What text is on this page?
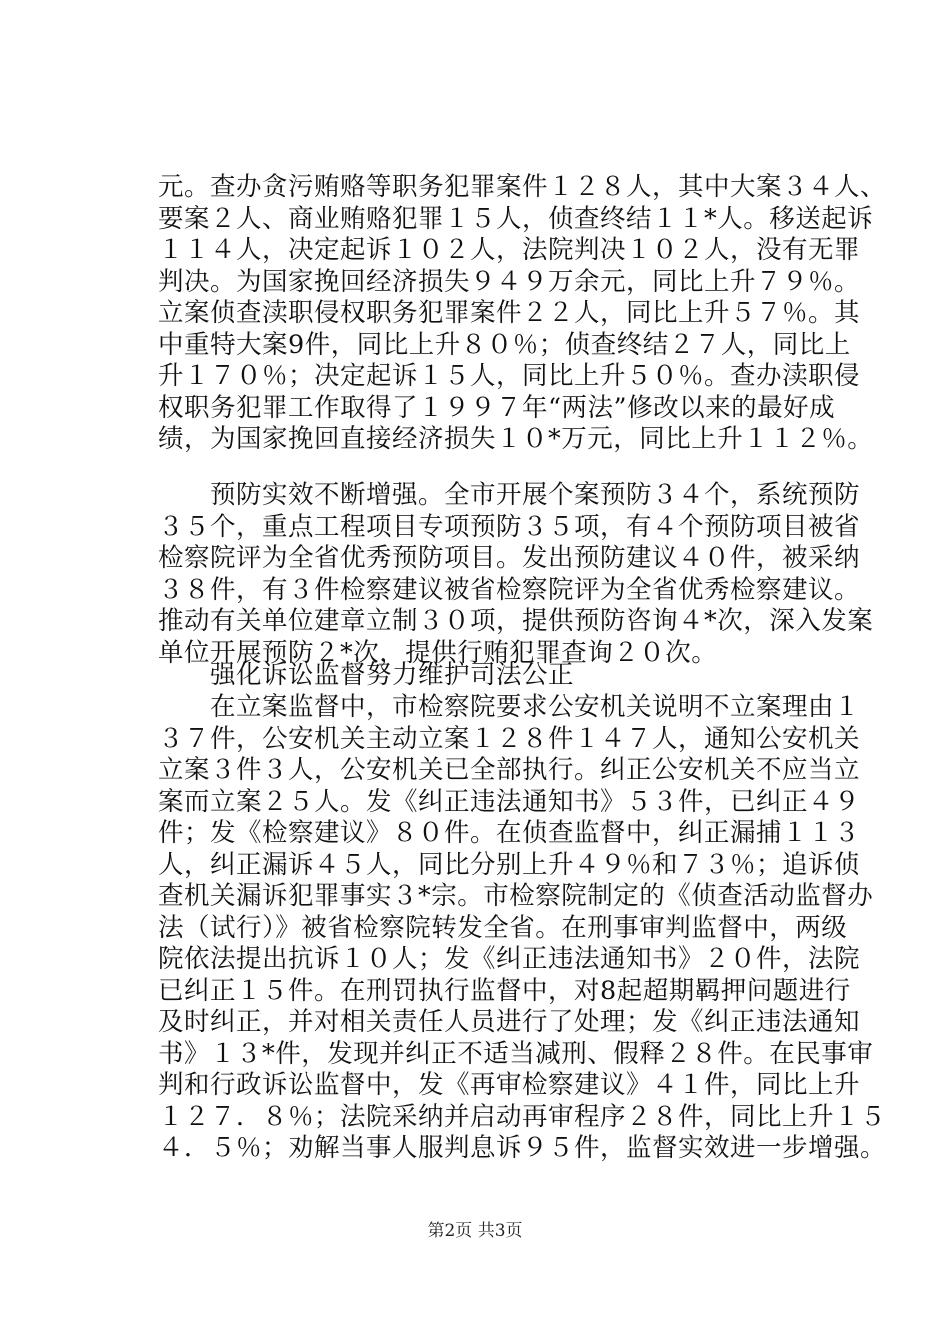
元。查办贪污贿赂等职务犯罪案件１２８人，其中大案３４人、
要案２人、商业贿赂犯罪１５人，侦查终结１１*人。移送起诉
１１４人，决定起诉１０２人，法院判决１０２人，没有无罪
判决。为国家挽回经济损失９４９万余元，同比上升７９％。
立案侦查渎职侵权职务犯罪案件２２人，同比上升５７％。其
中重特大案9件，同比上升８０％；侦查终结２７人，同比上
升１７０％；决定起诉１５人，同比上升５０％。查办渎职侵
权职务犯罪工作取得了１９９７年“两法”修改以来的最好成
绩，为国家挽回直接经济损失１０*万元，同比上升１１２％。
　　预防实效不断增强。全市开展个案预防３４个，系统预防
３５个，重点工程项目专项预防３５项，有４个预防项目被省
检察院评为全省优秀预防项目。发出预防建议４０件，被采纳
３８件，有３件检察建议被省检察院评为全省优秀检察建议。
推动有关单位建章立制３０项，提供预防咨询４*次，深入发案
单位开展预防２*次，提供行贿犯罪查询２０次。
　　强化诉讼监督努力维护司法公正
　　在立案监督中，市检察院要求公安机关说明不立案理由１
３７件，公安机关主动立案１２８件１４７人，通知公安机关
立案３件３人，公安机关已全部执行。纠正公安机关不应当立
案而立案２５人。发《纠正违法通知书》５３件，已纠正４９
件；发《检察建议》８０件。在侦查监督中，纠正漏捕１１３
人，纠正漏诉４５人，同比分别上升４９％和７３％；追诉侦
查机关漏诉犯罪事实３*宗。市检察院制定的《侦查活动监督办
法（试行）》被省检察院转发全省。在刑事审判监督中，两级
院依法提出抗诉１０人；发《纠正违法通知书》２０件，法院
已纠正１５件。在刑罚执行监督中，对8起超期羁押问题进行
及时纠正，并对相关责任人员进行了处理；发《纠正违法通知
书》１３*件，发现并纠正不适当减刑、假释２８件。在民事审
判和行政诉讼监督中，发《再审检察建议》４１件，同比上升
１２７．８％；法院采纳并启动再审程序２８件，同比上升１５
４．５％；劝解当事人服判息诉９５件，监督实效进一步增强。
第2页 共3页
